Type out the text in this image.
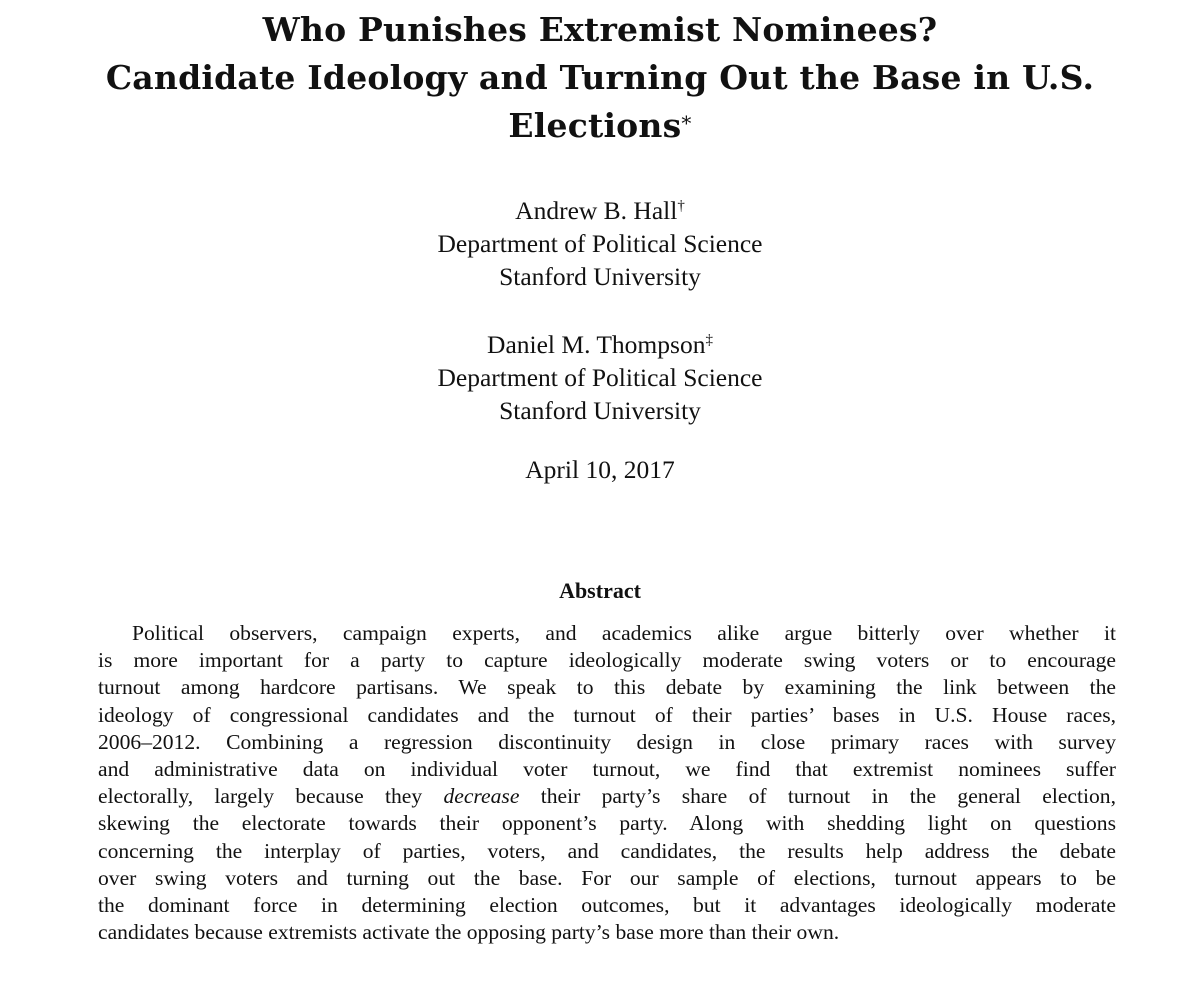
Who Punishes Extremist Nominees?
Candidate Ideology and Turning Out the Base in U.S.
Elections*
Andrew B. Hall†
Department of Political Science
Stanford University
Daniel M. Thompson‡
Department of Political Science
Stanford University
April 10, 2017
Abstract
Political observers, campaign experts, and academics alike argue bitterly over whether it
is more important for a party to capture ideologically moderate swing voters or to encourage
turnout among hardcore partisans. We speak to this debate by examining the link between the
ideology of congressional candidates and the turnout of their parties’ bases in U.S. House races,
2006–2012. Combining a regression discontinuity design in close primary races with survey
and administrative data on individual voter turnout, we find that extremist nominees suffer
electorally, largely because they decrease their party’s share of turnout in the general election,
skewing the electorate towards their opponent’s party. Along with shedding light on questions
concerning the interplay of parties, voters, and candidates, the results help address the debate
over swing voters and turning out the base. For our sample of elections, turnout appears to be
the dominant force in determining election outcomes, but it advantages ideologically moderate
candidates because extremists activate the opposing party’s base more than their own.
